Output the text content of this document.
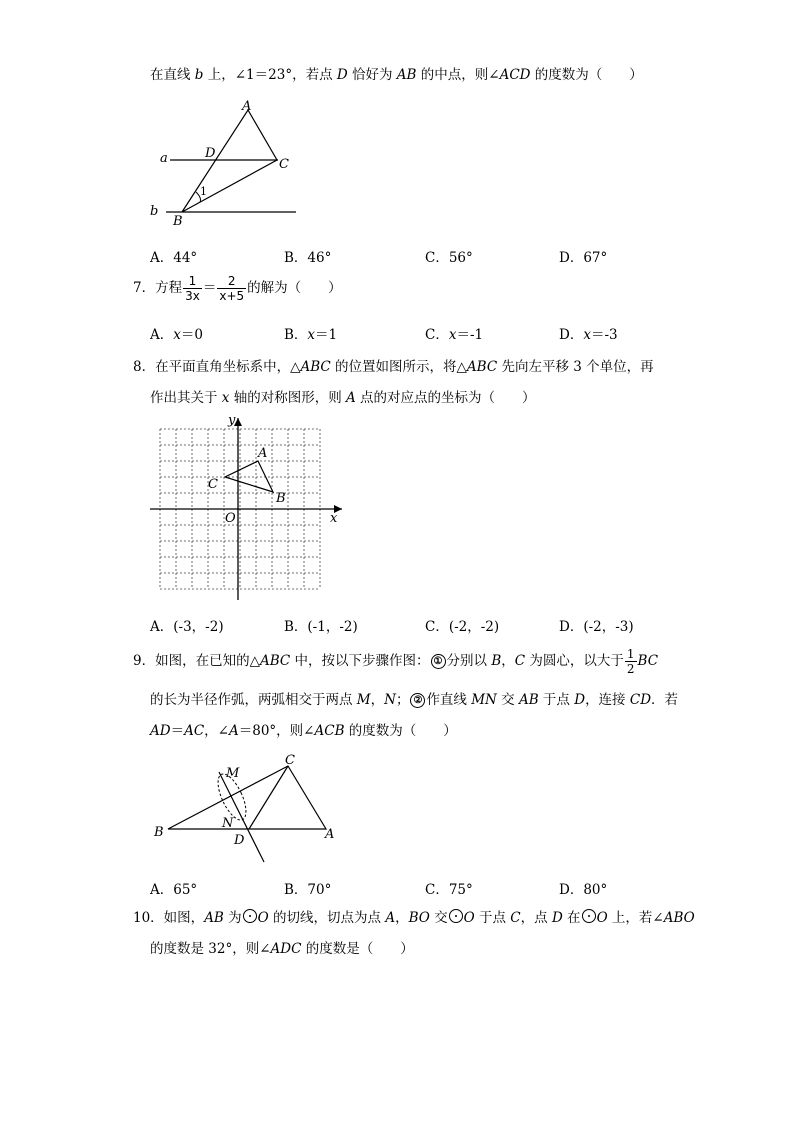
在直线 b 上，∠1＝23°，若点 D 恰好为 AB 的中点，则∠ACD 的度数为（　　）
A
D
C
a
b
B
1
A．44°	B．46°	C．56°	D．67°
7．方程 $\frac{1}{3x} = \frac{2}{x+5}$ 的解为（　　）
A．x＝0	B．x＝1	C．x＝-1	D．x＝-3
8．在平面直角坐标系中，△ABC 的位置如图所示，将△ABC 先向左平移 3 个单位，再
作出其关于 x 轴的对称图形，则 A 点的对应点的坐标为（　　）
y
x
O
A
C
B
A．(-3，-2)	B．(-1，-2)	C．(-2，-2)	D．(-2，-3)
9．如图，在已知的△ABC 中，按以下步骤作图： ① 分别以 B，C 为圆心，以大于 $\frac{1}{2}$ BC
的长为半径作弧，两弧相交于两点 M，N； ② 作直线 MN 交 AB 于点 D，连接 CD．若
AD＝AC，∠A＝80°，则∠ACB 的度数为（　　）
M
C
N
B
D	A
A．65°	B．70°	C．75°	D．80°
10．如图，AB 为 O 的切线，切点为点 A，BO 交 O 于点 C，点 D 在 O 上，若∠ABO
的度数是 32°，则∠ADC 的度数是（　　）
